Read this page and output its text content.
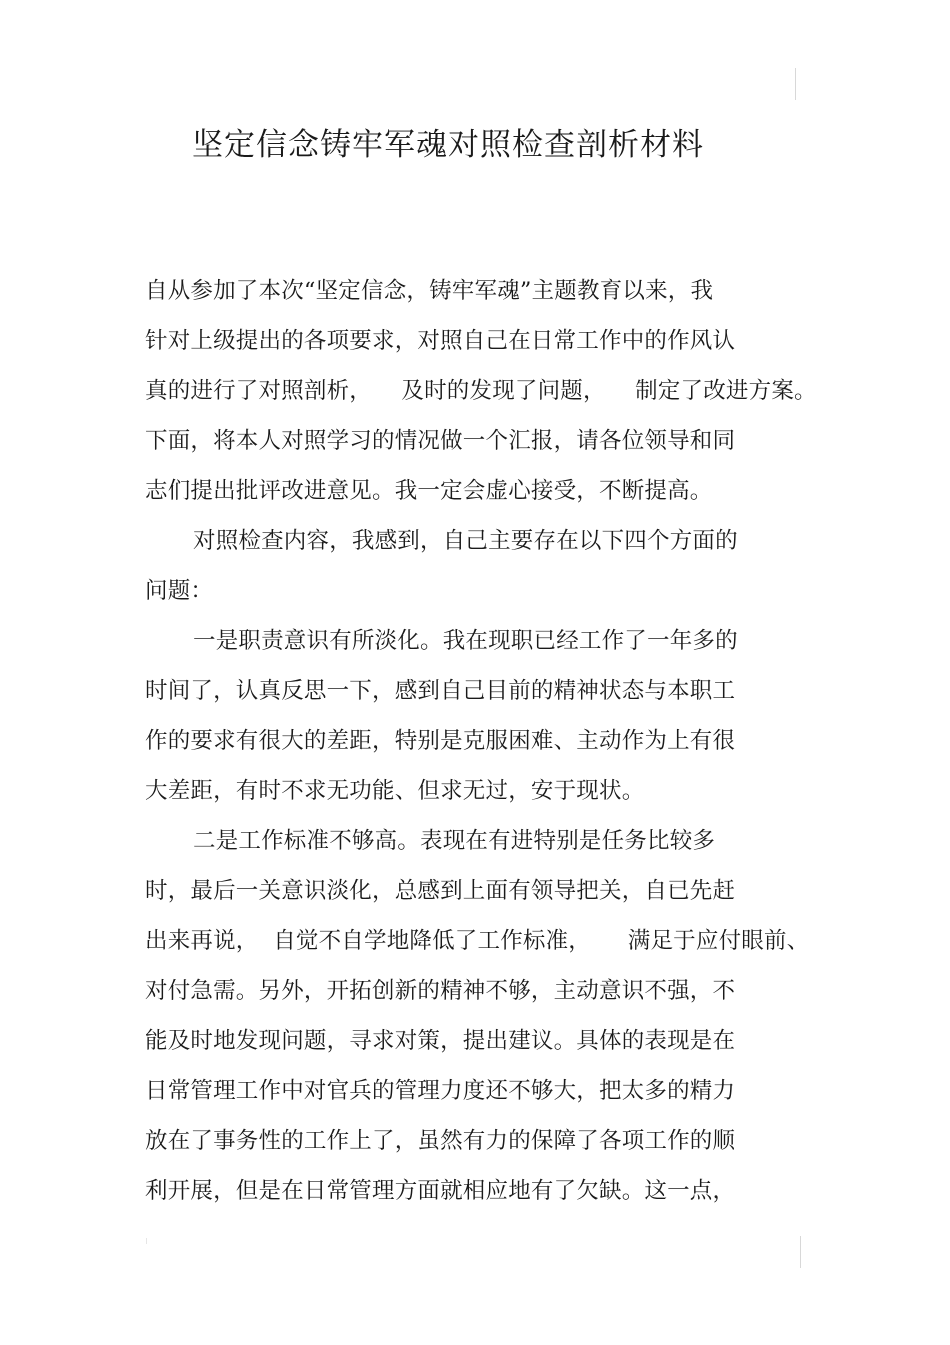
坚定信念铸牢军魂对照检查剖析材料
自从参加了本次“坚定信念，铸牢军魂”主题教育以来，我
针对上级提出的各项要求，对照自己在日常工作中的作风认
真的进行了对照剖析，    及时的发现了问题，    制定了改进方案。
下面，将本人对照学习的情况做一个汇报，请各位领导和同
志们提出批评改进意见。我一定会虚心接受，不断提高。
对照检查内容，我感到，自己主要存在以下四个方面的
问题：
一是职责意识有所淡化。我在现职已经工作了一年多的
时间了，认真反思一下，感到自己目前的精神状态与本职工
作的要求有很大的差距，特别是克服困难、主动作为上有很
大差距，有时不求无功能、但求无过，安于现状。
二是工作标准不够高。表现在有进特别是任务比较多
时，最后一关意识淡化，总感到上面有领导把关，自已先赶
出来再说，  自觉不自学地降低了工作标准，     满足于应付眼前、
对付急需。另外，开拓创新的精神不够，主动意识不强，不
能及时地发现问题，寻求对策，提出建议。具体的表现是在
日常管理工作中对官兵的管理力度还不够大，把太多的精力
放在了事务性的工作上了，虽然有力的保障了各项工作的顺
利开展，但是在日常管理方面就相应地有了欠缺。这一点，
